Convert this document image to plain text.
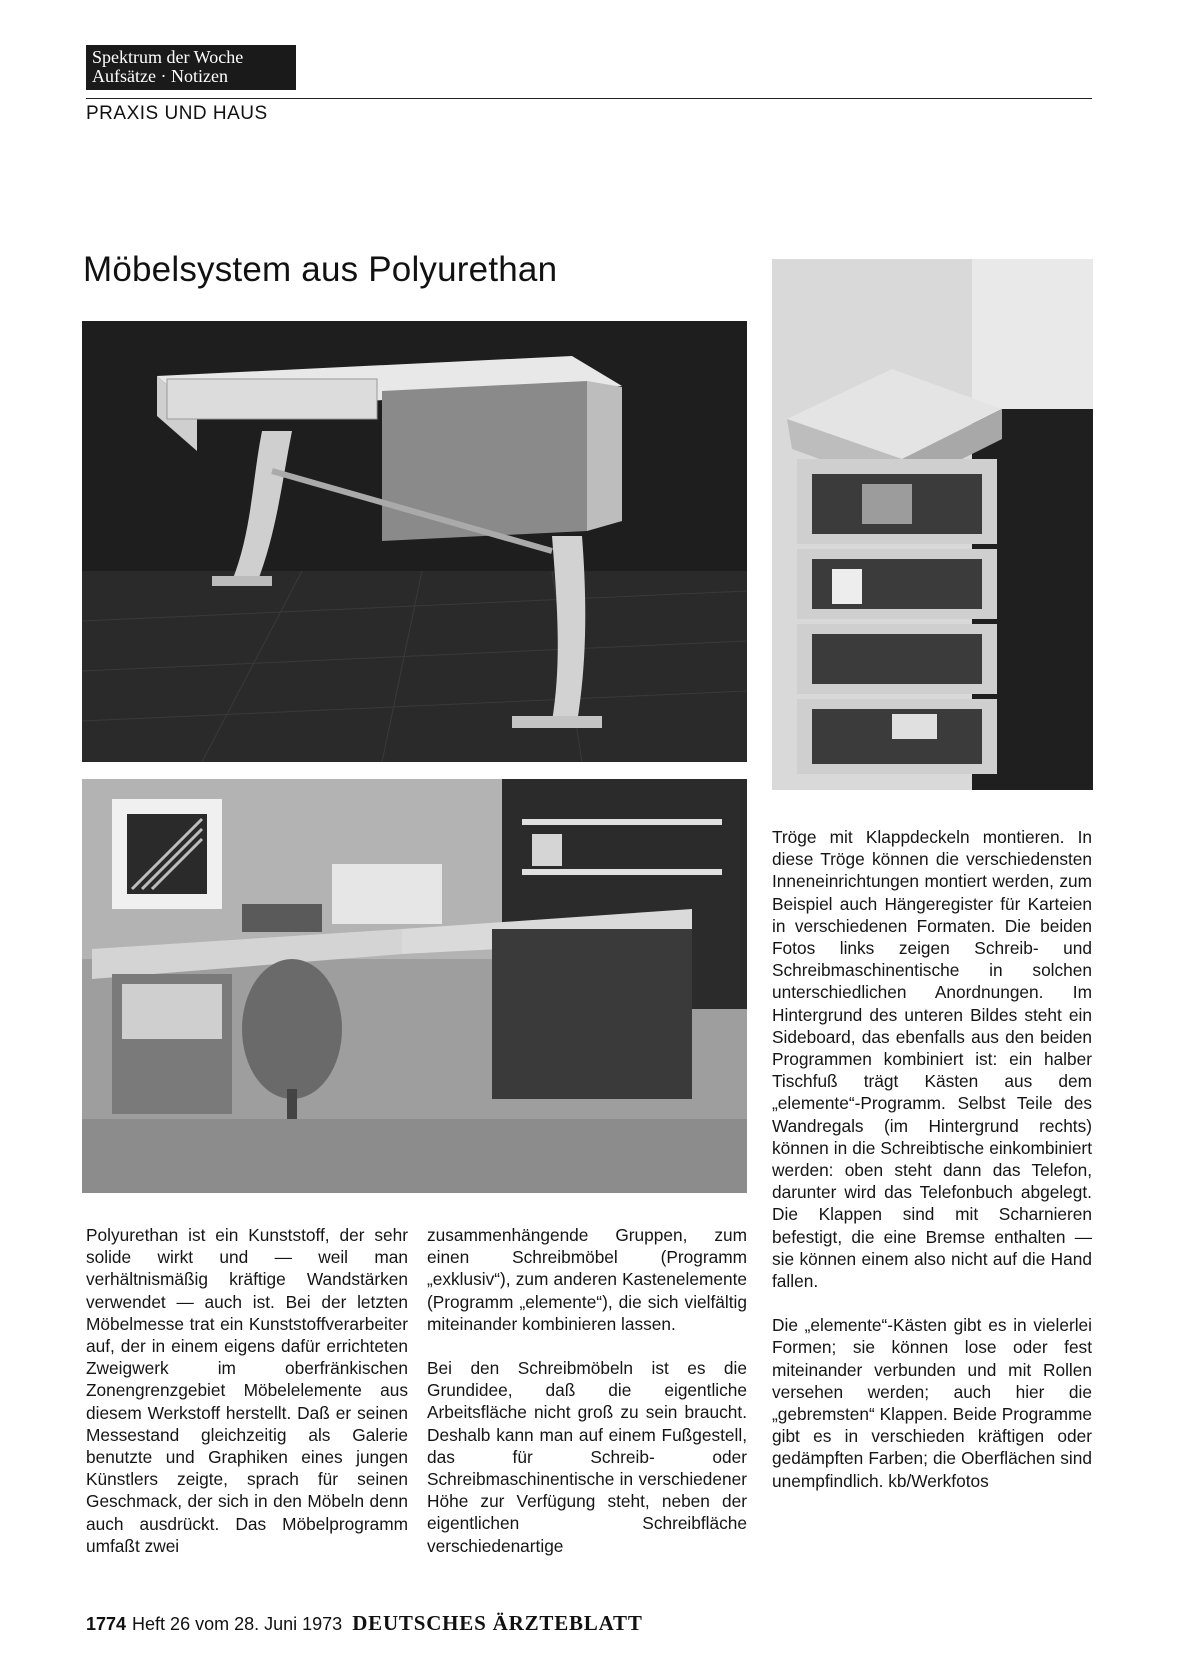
Spektrum der Woche
Aufsätze · Notizen
PRAXIS UND HAUS
Möbelsystem aus Polyurethan

Polyurethan ist ein Kunststoff, der sehr solide wirkt und — weil man verhältnismäßig kräftige Wandstärken verwendet — auch ist. Bei der letzten Möbelmesse trat ein Kunststoffverarbeiter auf, der in einem eigens dafür errichteten Zweigwerk im oberfränkischen Zonengrenzgebiet Möbelelemente aus diesem Werkstoff herstellt. Daß er seinen Messestand gleichzeitig als Galerie benutzte und Graphiken eines jungen Künstlers zeigte, sprach für seinen Geschmack, der sich in den Möbeln denn auch ausdrückt. Das Möbelprogramm umfaßt zwei

zusammenhängende Gruppen, zum einen Schreibmöbel (Programm „exklusiv“), zum anderen Kastenelemente (Programm „elemente“), die sich vielfältig miteinander kombinieren lassen.

Bei den Schreibmöbeln ist es die Grundidee, daß die eigentliche Arbeitsfläche nicht groß zu sein braucht. Deshalb kann man auf einem Fußgestell, das für Schreib- oder Schreibmaschinentische in verschiedener Höhe zur Verfügung steht, neben der eigentlichen Schreibfläche verschiedenartige

Tröge mit Klappdeckeln montieren. In diese Tröge können die verschiedensten Inneneinrichtungen montiert werden, zum Beispiel auch Hängeregister für Karteien in verschiedenen Formaten. Die beiden Fotos links zeigen Schreib- und Schreibmaschinentische in solchen unterschiedlichen Anordnungen. Im Hintergrund des unteren Bildes steht ein Sideboard, das ebenfalls aus den beiden Programmen kombiniert ist: ein halber Tischfuß trägt Kästen aus dem „elemente“-Programm. Selbst Teile des Wandregals (im Hintergrund rechts) können in die Schreibtische einkombiniert werden: oben steht dann das Telefon, darunter wird das Telefonbuch abgelegt. Die Klappen sind mit Scharnieren befestigt, die eine Bremse enthalten — sie können einem also nicht auf die Hand fallen.

Die „elemente“-Kästen gibt es in vielerlei Formen; sie können lose oder fest miteinander verbunden und mit Rollen versehen werden; auch hier die „gebremsten“ Klappen. Beide Programme gibt es in verschieden kräftigen oder gedämpften Farben; die Oberflächen sind unempfindlich. kb/Werkfotos

1774 Heft 26 vom 28. Juni 1973 DEUTSCHES ÄRZTEBLATT
